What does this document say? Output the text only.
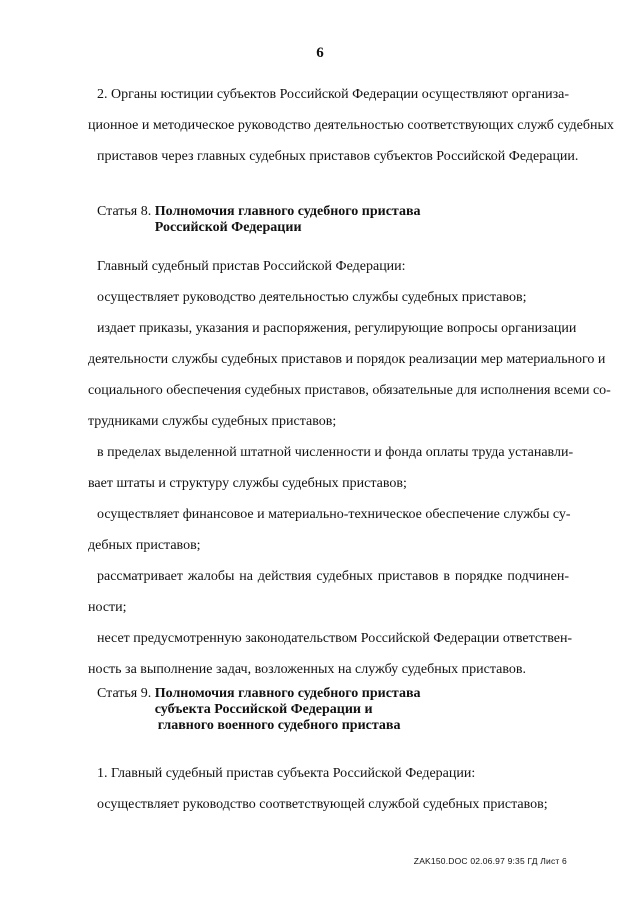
6
2. Органы юстиции субъектов Российской Федерации осуществляют организа-
ционное и методическое руководство деятельностью соответствующих служб судебных
приставов через главных судебных приставов субъектов Российской Федерации.
Статья 8. Полномочия главного судебного пристава
Российской Федерации
Главный судебный пристав Российской Федерации:
осуществляет руководство деятельностью службы судебных приставов;
издает приказы, указания и распоряжения, регулирующие вопросы организации
деятельности службы судебных приставов и порядок реализации мер материального и
социального обеспечения судебных приставов, обязательные для исполнения всеми со-
трудниками службы судебных приставов;
в пределах выделенной штатной численности и фонда оплаты труда устанавли-
вает штаты и структуру службы судебных приставов;
осуществляет финансовое и материально-техническое обеспечение службы су-
дебных приставов;
рассматривает жалобы на действия судебных приставов в порядке подчинен-
ности;
несет предусмотренную законодательством Российской Федерации ответствен-
ность за выполнение задач, возложенных на службу судебных приставов.
Статья 9. Полномочия главного судебного пристава
субъекта Российской Федерации и
главного военного судебного пристава
1. Главный судебный пристав субъекта Российской Федерации:
осуществляет руководство соответствующей службой судебных приставов;
ZAK150.DOC 02.06.97 9:35 ГД Лист 6
